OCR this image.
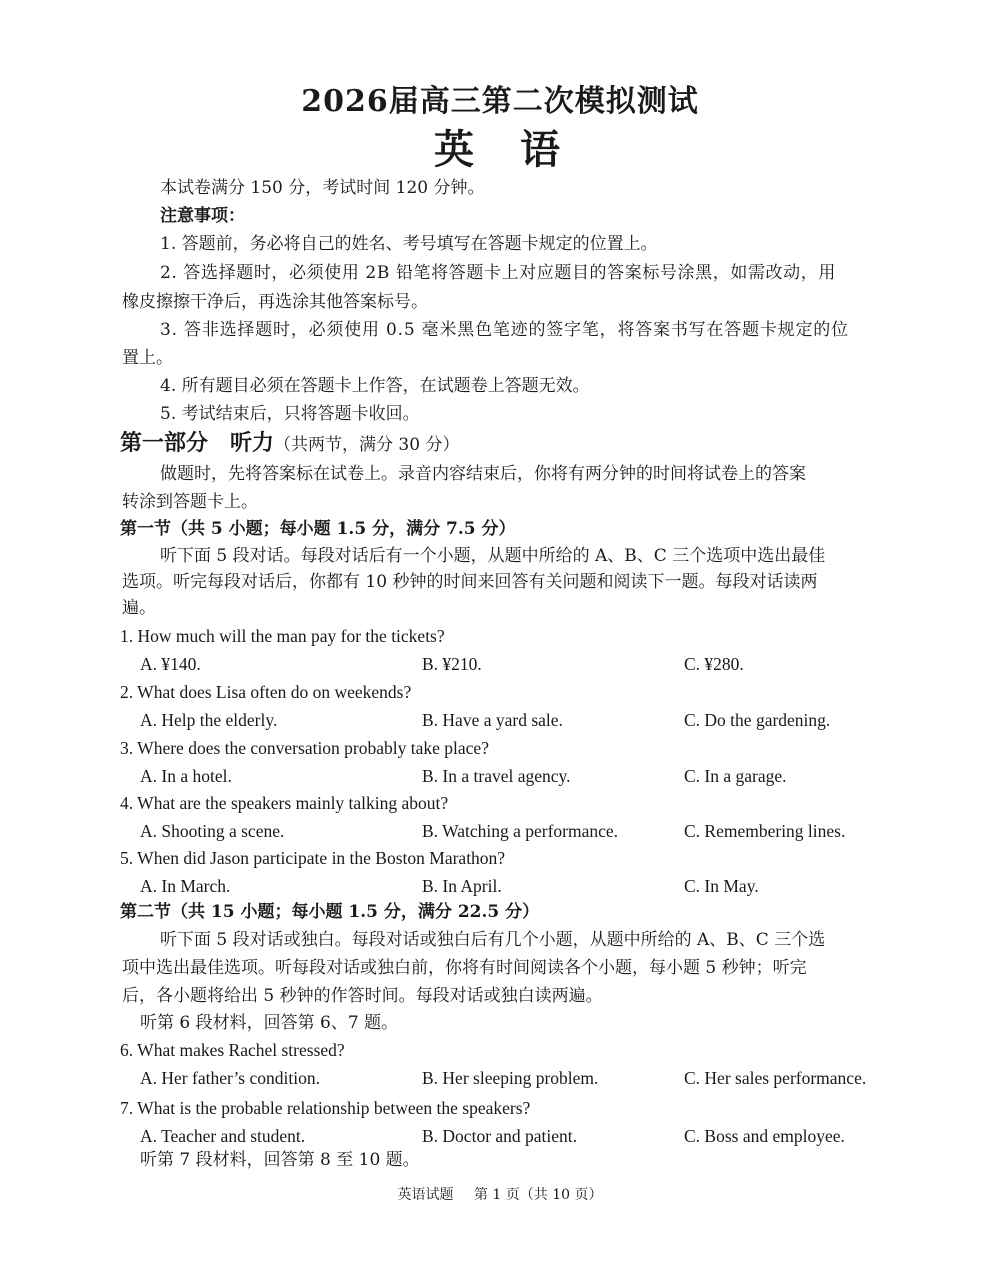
2026届高三第二次模拟测试
英语
本试卷满分 150 分，考试时间 120 分钟。
注意事项：
1. 答题前，务必将自己的姓名、考号填写在答题卡规定的位置上。
2. 答选择题时，必须使用 2B 铅笔将答题卡上对应题目的答案标号涂黑，如需改动，用
橡皮擦擦干净后，再选涂其他答案标号。
3. 答非选择题时，必须使用 0.5 毫米黑色笔迹的签字笔，将答案书写在答题卡规定的位
置上。
4. 所有题目必须在答题卡上作答，在试题卷上答题无效。
5. 考试结束后，只将答题卡收回。
第一部分　听力（共两节，满分 30 分）
做题时，先将答案标在试卷上。录音内容结束后，你将有两分钟的时间将试卷上的答案
转涂到答题卡上。
第一节（共 5 小题；每小题 1.5 分，满分 7.5 分）
听下面 5 段对话。每段对话后有一个小题，从题中所给的 A、B、C 三个选项中选出最佳
选项。听完每段对话后，你都有 10 秒钟的时间来回答有关问题和阅读下一题。每段对话读两
遍。
1. How much will the man pay for the tickets?
A. ¥140.	B. ¥210.	C. ¥280.
2. What does Lisa often do on weekends?
A. Help the elderly.	B. Have a yard sale.	C. Do the gardening.
3. Where does the conversation probably take place?
A. In a hotel.	B. In a travel agency.	C. In a garage.
4. What are the speakers mainly talking about?
A. Shooting a scene.	B. Watching a performance.	C. Remembering lines.
5. When did Jason participate in the Boston Marathon?
A. In March.	B. In April.	C. In May.
第二节（共 15 小题；每小题 1.5 分，满分 22.5 分）
听下面 5 段对话或独白。每段对话或独白后有几个小题，从题中所给的 A、B、C 三个选
项中选出最佳选项。听每段对话或独白前，你将有时间阅读各个小题，每小题 5 秒钟；听完
后，各小题将给出 5 秒钟的作答时间。每段对话或独白读两遍。
听第 6 段材料，回答第 6、7 题。
6. What makes Rachel stressed?
A. Her father’s condition.	B. Her sleeping problem.	C. Her sales performance.
7. What is the probable relationship between the speakers?
A. Teacher and student.	B. Doctor and patient.	C. Boss and employee.
听第 7 段材料，回答第 8 至 10 题。
英语试题 第 1 页（共 10 页）
